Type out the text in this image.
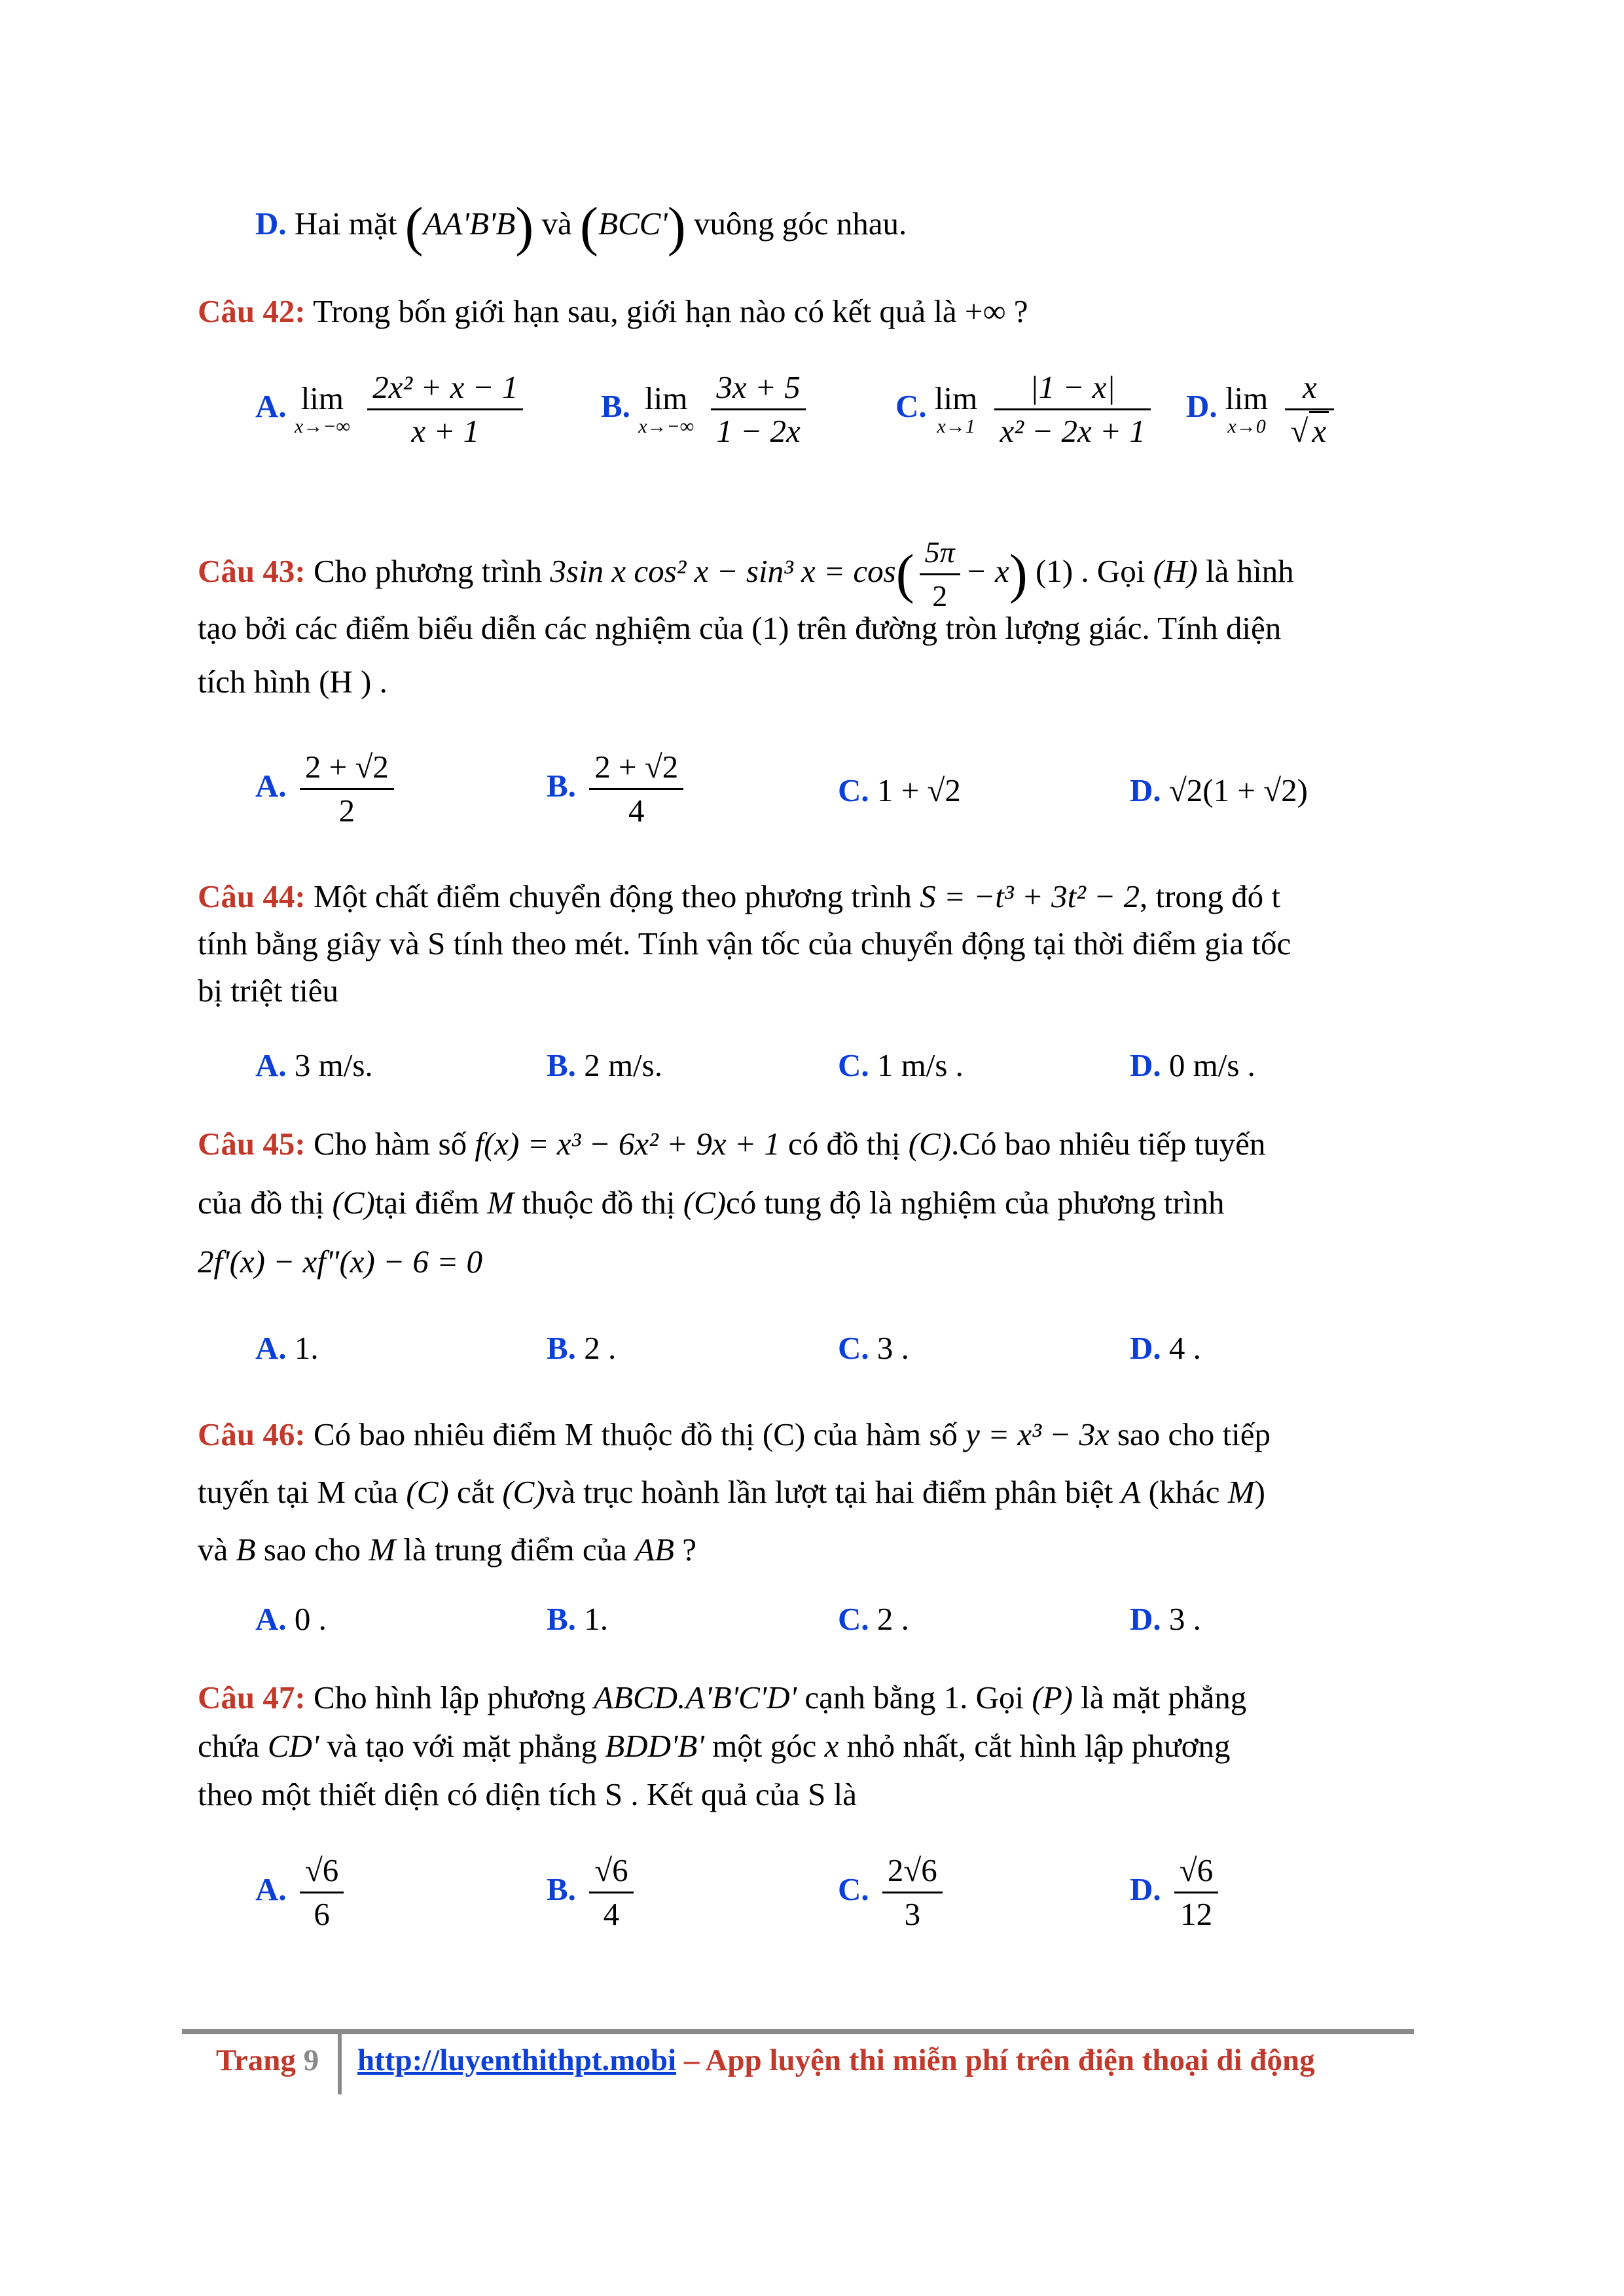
D. Hai mặt (AA'B'B) và (BCC') vuông góc nhau.
Câu 42: Trong bốn giới hạn sau, giới hạn nào có kết quả là +∞ ?
A. lim
x→−∞
$\frac{\text{2x² + x − 1}}{x + 1} B$. lim
x→−∞
$\frac{3x + 5}{1 - 2x}$	C. lim
x→1
$\frac{|1 - x|}{\text{x² − 2x + 1}} D$. lim
x→0
$\frac{x}{√ x}$
Câu 43: Cho phương trình 3sin x cos² x − sin³ $x = \cos( \frac{5\pi}{2} - x)$ (1) . Gọi (H) là hình
tạo bởi các điểm biểu diễn các nghiệm của (1) trên đường tròn lượng giác. Tính diện
tích hình (H ) .
A. $\frac{2 + √2}{2}$	B. $\frac{2 + √2}{4}$	C. 1 + √2	D. √2(1 + √2)
Câu 44: Một chất điểm chuyển động theo phương trình S = −t³ + 3t² − 2, trong đó t
tính bằng giây và S tính theo mét. Tính vận tốc của chuyển động tại thời điểm gia tốc
bị triệt tiêu
A. 3 m/s.	B. 2 m/s.	C. 1 m/s .	D. 0 m/s .
Câu 45: Cho hàm số f(x) = x³ − 6x² + 9x + 1 có đồ thị (C).Có bao nhiêu tiếp tuyến
của đồ thị (C)tại điểm M thuộc đồ thị (C)có tung độ là nghiệm của phương trình
2f'(x) − xf"(x) − 6 = 0
A. 1.	B. 2 .	C. 3 .	D. 4 .
Câu 46: Có bao nhiêu điểm M thuộc đồ thị (C) của hàm số y = x³ − 3x sao cho tiếp
tuyến tại M của (C) cắt (C)và trục hoành lần lượt tại hai điểm phân biệt A (khác M)
và B sao cho M là trung điểm của AB ?
A. 0 .	B. 1.	C. 2 .	D. 3 .
Câu 47: Cho hình lập phương ABCD.A'B'C'D' cạnh bằng 1. Gọi (P) là mặt phẳng
chứa CD' và tạo với mặt phẳng BDD'B' một góc x nhỏ nhất, cắt hình lập phương
theo một thiết diện có diện tích S . Kết quả của S là
A. $\frac{√6}{6}$	B. $\frac{√6}{4}$	C. $\frac{2√6}{3}$	D. $\frac{√6}{12}$
Trang 9 http://luyenthithpt.mobi – App luyện thi miễn phí trên điện thoại di động
